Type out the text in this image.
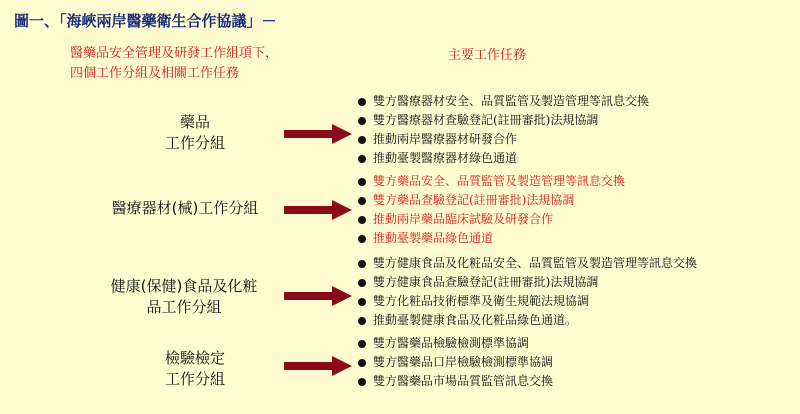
圖一、「海峽兩岸醫藥衛生合作協議」－
醫藥品安全管理及研發工作組項下，
四個工作分組及相關工作任務
主要工作任務
藥品
工作分組
雙方醫療器材安全、品質監管及製造管理等訊息交換
雙方醫療器材查驗登記(註冊審批)法規協調
推動兩岸醫療器材研發合作
推動臺製醫療器材綠色通道
醫療器材(械)工作分組
雙方藥品安全、品質監管及製造管理等訊息交換
雙方藥品查驗登記(註冊審批)法規協調
推動兩岸藥品臨床試驗及研發合作
推動臺製藥品綠色通道
健康(保健)食品及化粧
品工作分組
雙方健康食品及化粧品安全、品質監管及製造管理等訊息交換
雙方健康食品查驗登記(註冊審批)法規協調
雙方化粧品技術標準及衛生規範法規協調
推動臺製健康食品及化粧品綠色通道。
檢驗檢定
工作分組
雙方醫藥品檢驗檢測標準協調
雙方醫藥品口岸檢驗檢測標準協調
雙方醫藥品市場品質監管訊息交換
